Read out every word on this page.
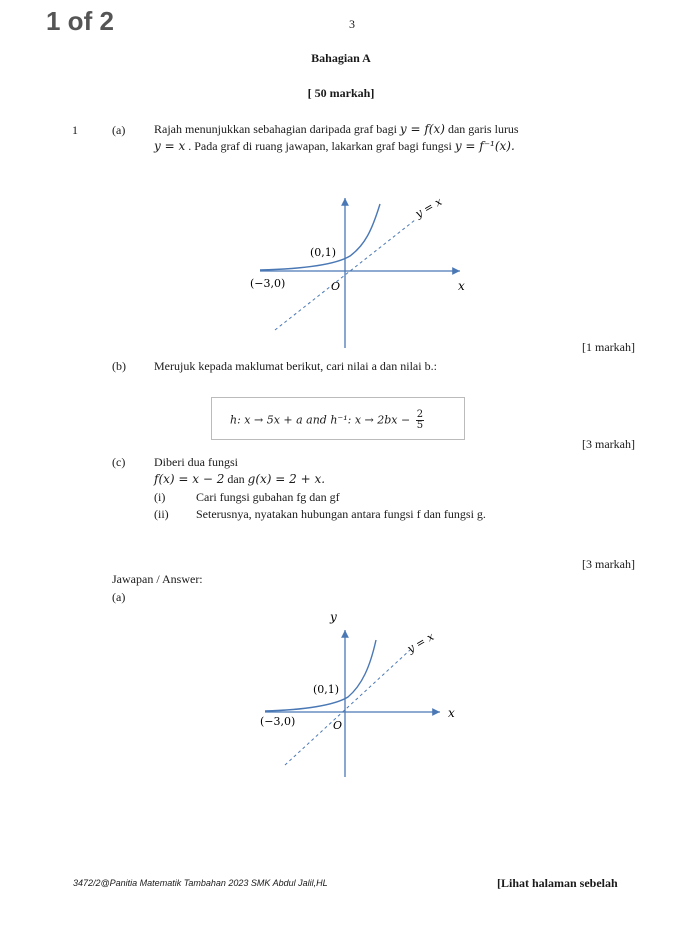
1 of 2	3
Bahagian A
[ 50 markah]
1	(a) Rajah menunjukkan sebahagian daripada graf bagi y = f(x) dan garis lurus
y = x . Pada graf di ruang jawapan, lakarkan graf bagi fungsi y = f⁻¹(x).
y = x
(0,1)
(−3,0)	O	x
[1 markah]
(b) Merujuk kepada maklumat berikut, cari nilai a dan nilai b.:
h: x → 5x + a and h⁻¹: $x \to 2bx - \frac{2}{5}$
[3 markah]
(c) Diberi dua fungsi
f(x) = x − 2 dan g(x) = 2 + x.
(i)	Cari fungsi gubahan fg dan gf
(ii) Seterusnya, nyatakan hubungan antara fungsi f dan fungsi g.
[3 markah]
Jawapan / Answer:
(a)
y
y = x
(0,1)
(−3,0)	O
x
3472/2@Panitia Matematik Tambahan 2023 SMK Abdul Jalil,HL	[Lihat halaman sebelah
